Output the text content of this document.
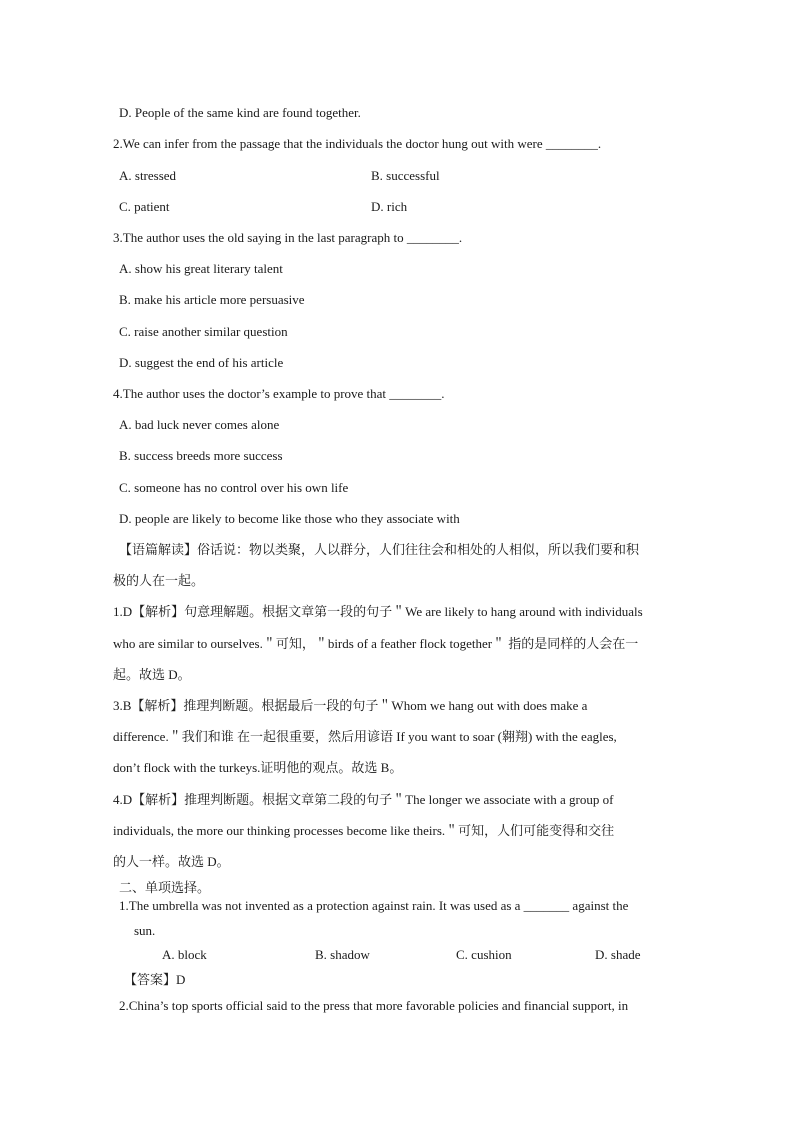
D. People of the same kind are found together.
2.We can infer from the passage that the individuals the doctor hung out with were ________.
A. stressed	B. successful
C. patient	D. rich
3.The author uses the old saying in the last paragraph to ________.
A. show his great literary talent
B. make his article more persuasive
C. raise another similar question
D. suggest the end of his article
4.The author uses the doctor’s example to prove that ________.
A. bad luck never comes alone
B. success breeds more success
C. someone has no control over his own life
D. people are likely to become like those who they associate with
【语篇解读】俗话说：物以类聚，人以群分，人们往往会和相处的人相似，所以我们要和积
极的人在一起。
1.D【解析】句意理解题。根据文章第一段的句子＂We are likely to hang around with individuals
who are similar to ourselves.＂可知，＂birds of a feather flock together＂ 指的是同样的人会在一
起。故选 D。
3.B【解析】推理判断题。根据最后一段的句子＂Whom we hang out with does make a
difference.＂我们和谁 在一起很重要，然后用谚语 If you want to soar (翱翔) with the eagles,
don’t flock with the turkeys.证明他的观点。故选 B。
4.D【解析】推理判断题。根据文章第二段的句子＂The longer we associate with a group of
individuals, the more our thinking processes become like theirs.＂可知，人们可能变得和交往
的人一样。故选 D。
二、单项选择。
1.The umbrella was not invented as a protection against rain. It was used as a _______ against the
sun.
A. block	B. shadow	C. cushion	D. shade
【答案】D
2.China’s top sports official said to the press that more favorable policies and financial support, in
